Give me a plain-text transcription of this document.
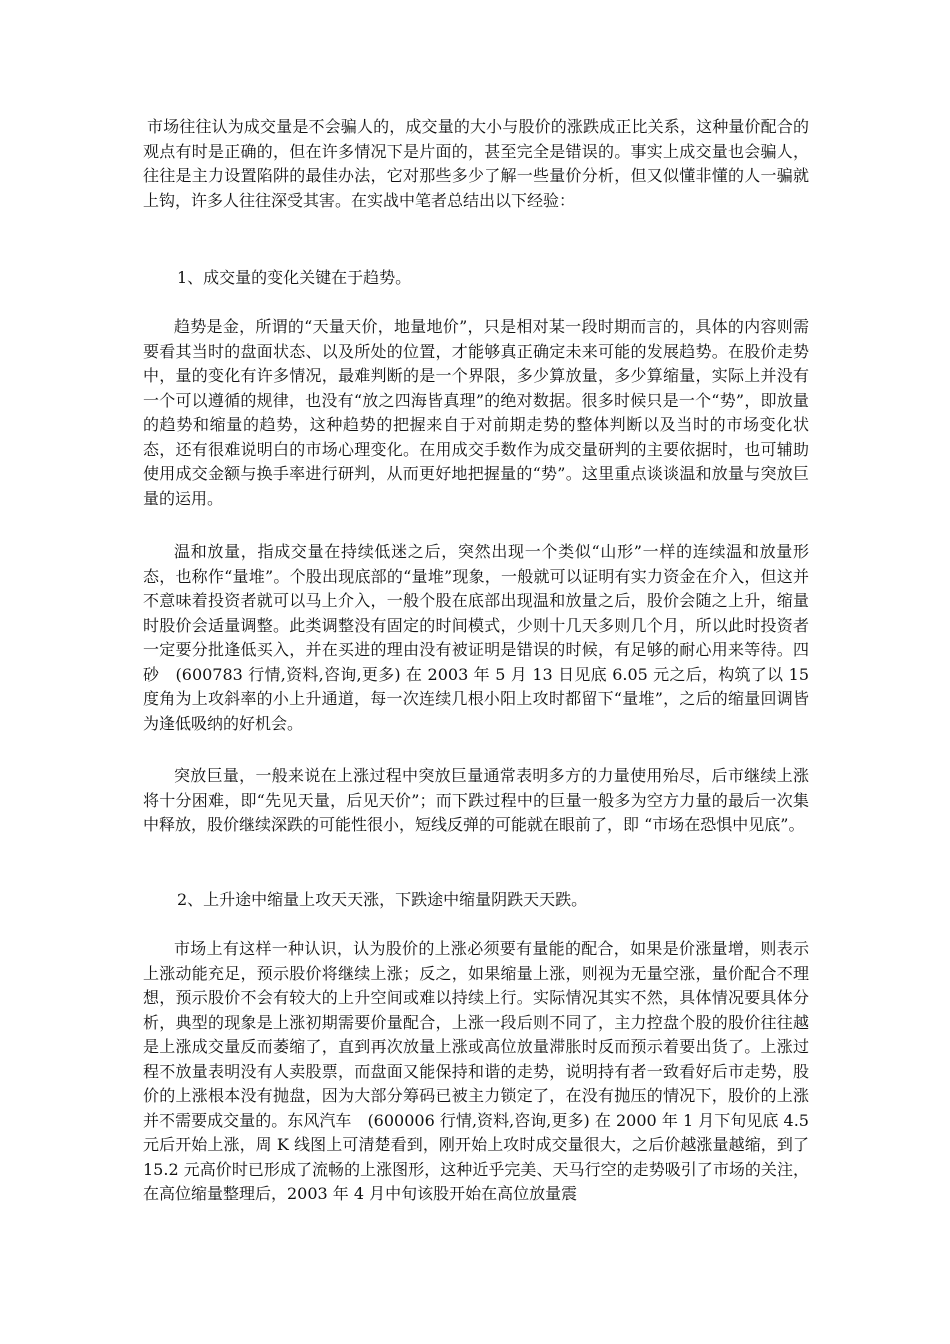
市场往往认为成交量是不会骗人的，成交量的大小与股价的涨跌成正比关系，这种量价配合的观点有时是正确的，但在许多情况下是片面的，甚至完全是错误的。事实上成交量也会骗人，往往是主力设置陷阱的最佳办法，它对那些多少了解一些量价分析，但又似懂非懂的人一骗就上钩，许多人往往深受其害。在实战中笔者总结出以下经验：

1、成交量的变化关键在于趋势。

趋势是金，所谓的“天量天价，地量地价”，只是相对某一段时期而言的，具体的内容则需要看其当时的盘面状态、以及所处的位置，才能够真正确定未来可能的发展趋势。在股价走势中，量的变化有许多情况，最难判断的是一个界限，多少算放量，多少算缩量，实际上并没有一个可以遵循的规律，也没有“放之四海皆真理”的绝对数据。很多时候只是一个“势”，即放量的趋势和缩量的趋势，这种趋势的把握来自于对前期走势的整体判断以及当时的市场变化状态，还有很难说明白的市场心理变化。在用成交手数作为成交量研判的主要依据时，也可辅助使用成交金额与换手率进行研判，从而更好地把握量的“势”。这里重点谈谈温和放量与突放巨量的运用。

温和放量，指成交量在持续低迷之后，突然出现一个类似“山形”一样的连续温和放量形态，也称作“量堆”。个股出现底部的“量堆”现象，一般就可以证明有实力资金在介入，但这并不意味着投资者就可以马上介入，一般个股在底部出现温和放量之后，股价会随之上升，缩量时股价会适量调整。此类调整没有固定的时间模式，少则十几天多则几个月，所以此时投资者一定要分批逢低买入，并在买进的理由没有被证明是错误的时候，有足够的耐心用来等待。四砂　(600783 行情,资料,咨询,更多) 在 2003 年 5 月 13 日见底 6.05 元之后，构筑了以 15 度角为上攻斜率的小上升通道，每一次连续几根小阳上攻时都留下“量堆”，之后的缩量回调皆为逢低吸纳的好机会。

突放巨量，一般来说在上涨过程中突放巨量通常表明多方的力量使用殆尽，后市继续上涨将十分困难，即“先见天量，后见天价”；而下跌过程中的巨量一般多为空方力量的最后一次集中释放，股价继续深跌的可能性很小，短线反弹的可能就在眼前了，即 “市场在恐惧中见底”。

2、上升途中缩量上攻天天涨，下跌途中缩量阴跌天天跌。

市场上有这样一种认识，认为股价的上涨必须要有量能的配合，如果是价涨量增，则表示上涨动能充足，预示股价将继续上涨；反之，如果缩量上涨，则视为无量空涨，量价配合不理想，预示股价不会有较大的上升空间或难以持续上行。实际情况其实不然，具体情况要具体分析，典型的现象是上涨初期需要价量配合，上涨一段后则不同了，主力控盘个股的股价往往越是上涨成交量反而萎缩了，直到再次放量上涨或高位放量滞胀时反而预示着要出货了。上涨过程不放量表明没有人卖股票，而盘面又能保持和谐的走势，说明持有者一致看好后市走势，股价的上涨根本没有抛盘，因为大部分筹码已被主力锁定了，在没有抛压的情况下，股价的上涨并不需要成交量的。东风汽车　(600006 行情,资料,咨询,更多) 在 2000 年 1 月下旬见底 4.5 元后开始上涨，周 K 线图上可清楚看到，刚开始上攻时成交量很大，之后价越涨量越缩，到了 15.2 元高价时已形成了流畅的上涨图形，这种近乎完美、天马行空的走势吸引了市场的关注，在高位缩量整理后，2003 年 4 月中旬该股开始在高位放量震
